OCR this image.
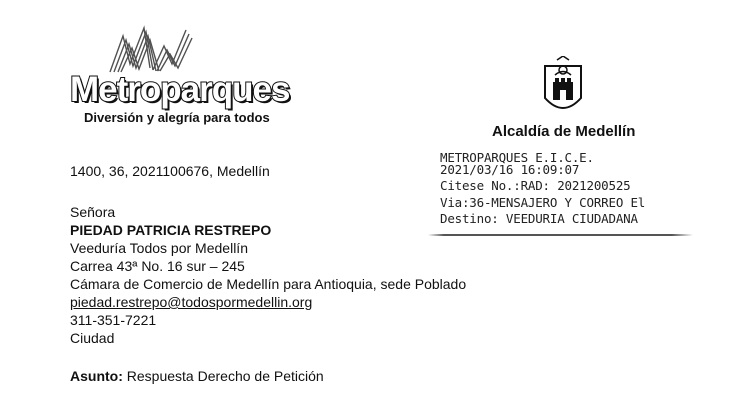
Metroparques
Diversión y alegría para todos
Alcaldía de Medellín
METROPARQUES E.I.C.E.
2021/03/16 16:09:07
Citese No.:RAD: 2021200525
Via:36-MENSAJERO Y CORREO El
Destino: VEEDURIA CIUDADANA
1400, 36, 2021100676, Medellín
Señora
PIEDAD PATRICIA RESTREPO
Veeduría Todos por Medellín
Carrea 43ª No. 16 sur – 245
Cámara de Comercio de Medellín para Antioquia, sede Poblado
piedad.restrepo@todospormedellin.org
311-351-7221
Ciudad
Asunto: Respuesta Derecho de Petición
